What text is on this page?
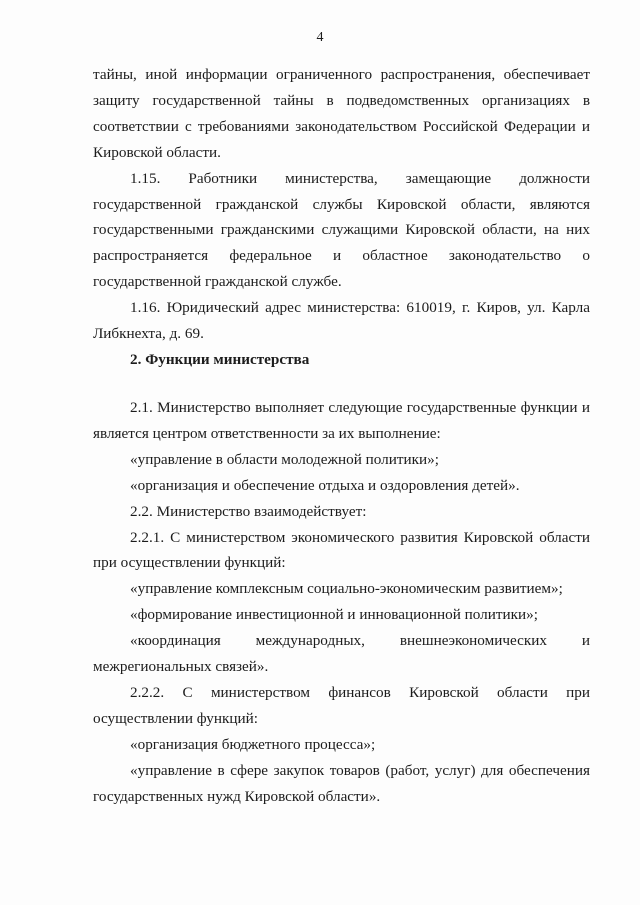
4

тайны, иной информации ограниченного распространения, обеспечивает защиту государственной тайны в подведомственных организациях в соответствии с требованиями законодательством Российской Федерации и Кировской области.

1.15. Работники министерства, замещающие должности государственной гражданской службы Кировской области, являются государственными гражданскими служащими Кировской области, на них распространяется федеральное и областное законодательство о государственной гражданской службе.

1.16. Юридический адрес министерства: 610019, г. Киров, ул. Карла Либкнехта, д. 69.

2. Функции министерства

2.1. Министерство выполняет следующие государственные функции и является центром ответственности за их выполнение:

«управление в области молодежной политики»;

«организация и обеспечение отдыха и оздоровления детей».

2.2. Министерство взаимодействует:

2.2.1. С министерством экономического развития Кировской области при осуществлении функций:

«управление комплексным социально-экономическим развитием»;

«формирование инвестиционной и инновационной политики»;

«координация международных, внешнеэкономических и межрегиональных связей».

2.2.2. С министерством финансов Кировской области при осуществлении функций:

«организация бюджетного процесса»;

«управление в сфере закупок товаров (работ, услуг) для обеспечения государственных нужд Кировской области».
